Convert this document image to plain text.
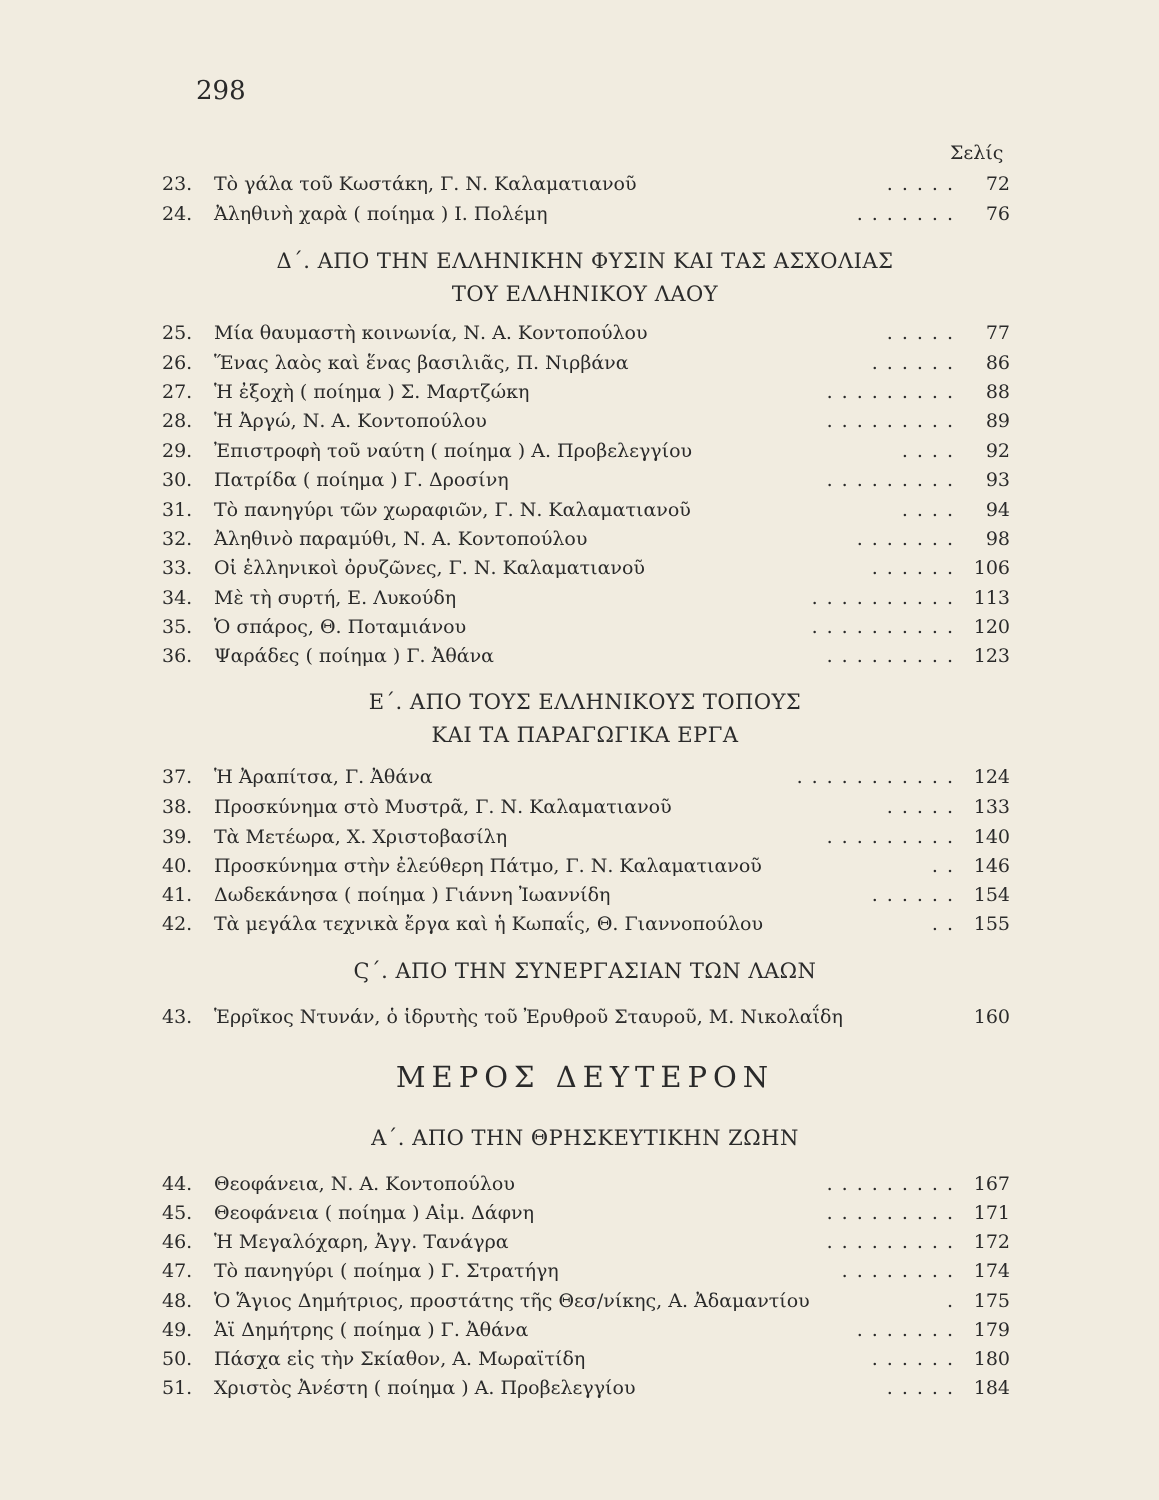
298
Σελίς
23. Τὸ γάλα τοῦ Κωστάκη, Γ. Ν. Καλαματιανοῦ	..... 72
24. Ἀληθινὴ χαρὰ ( ποίημα ) Ι. Πολέμη	....... 76
Δ΄. ΑΠΟ ΤΗΝ ΕΛΛΗΝΙΚΗΝ ΦΥΣΙΝ ΚΑΙ ΤΑΣ ΑΣΧΟΛΙΑΣ
ΤΟΥ ΕΛΛΗΝΙΚΟΥ ΛΑΟΥ
25. Μία θαυμαστὴ κοινωνία, Ν. Α. Κοντοπούλου	..... 77
26. Ἕνας λαὸς καὶ ἕνας βασιλιᾶς, Π. Νιρβάνα	...... 86
27. Ἡ ἐξοχὴ ( ποίημα ) Σ. Μαρτζώκη	......... 88
28. Ἡ Ἀργώ, Ν. Α. Κοντοπούλου	......... 89
29. Ἐπιστροφὴ τοῦ ναύτη ( ποίημα ) Α. Προβελεγγίου	.... 92
30. Πατρίδα ( ποίημα ) Γ. Δροσίνη	......... 93
31. Τὸ πανηγύρι τῶν χωραφιῶν, Γ. Ν. Καλαματιανοῦ	.... 94
32. Ἀληθινὸ παραμύθι, Ν. Α. Κοντοπούλου	....... 98
33. Οἱ ἑλληνικοὶ ὀρυζῶνες, Γ. Ν. Καλαματιανοῦ	...... 106
34. Μὲ τὴ συρτή, Ε. Λυκούδη	.......... 113
35. Ὁ σπάρος, Θ. Ποταμιάνου	.......... 120
36. Ψαράδες ( ποίημα ) Γ. Ἀθάνα	......... 123
Ε΄. ΑΠΟ ΤΟΥΣ ΕΛΛΗΝΙΚΟΥΣ ΤΟΠΟΥΣ
ΚΑΙ ΤΑ ΠΑΡΑΓΩΓΙΚΑ ΕΡΓΑ
37. Ἡ Ἀραπίτσα, Γ. Ἀθάνα	........... 124
38. Προσκύνημα στὸ Μυστρᾶ, Γ. Ν. Καλαματιανοῦ	..... 133
39. Τὰ Μετέωρα, Χ. Χριστοβασίλη	......... 140
40. Προσκύνημα στὴν ἐλεύθερη Πάτμο, Γ. Ν. Καλαματιανοῦ	.. 146
41. Δωδεκάνησα ( ποίημα ) Γιάννη Ἰωαννίδη	...... 154
42. Τὰ μεγάλα τεχνικὰ ἔργα καὶ ἡ Κωπαΐς, Θ. Γιαννοπούλου	.. 155
Ϛ΄. ΑΠΟ ΤΗΝ ΣΥΝΕΡΓΑΣΙΑΝ ΤΩΝ ΛΑΩΝ
43. Ἑρρῖκος Ντυνάν, ὁ ἱδρυτὴς τοῦ Ἐρυθροῦ Σταυροῦ, Μ. Νικολαΐδη	160
ΜΕΡΟΣ ΔΕΥΤΕΡΟΝ
Α΄. ΑΠΟ ΤΗΝ ΘΡΗΣΚΕΥΤΙΚΗΝ ΖΩΗΝ
44. Θεοφάνεια, Ν. Α. Κοντοπούλου	......... 167
45. Θεοφάνεια ( ποίημα ) Αἰμ. Δάφνη	......... 171
46. Ἡ Μεγαλόχαρη, Ἀγγ. Τανάγρα	......... 172
47. Τὸ πανηγύρι ( ποίημα ) Γ. Στρατήγη	........ 174
48. Ὁ Ἅγιος Δημήτριος, προστάτης τῆς Θεσ/νίκης, Α. Ἀδαμαντίου	. 175
49. Ἁϊ Δημήτρης ( ποίημα ) Γ. Ἀθάνα	....... 179
50. Πάσχα εἰς τὴν Σκίαθον, Α. Μωραϊτίδη	...... 180
51. Χριστὸς Ἀνέστη ( ποίημα ) Α. Προβελεγγίου	..... 184
